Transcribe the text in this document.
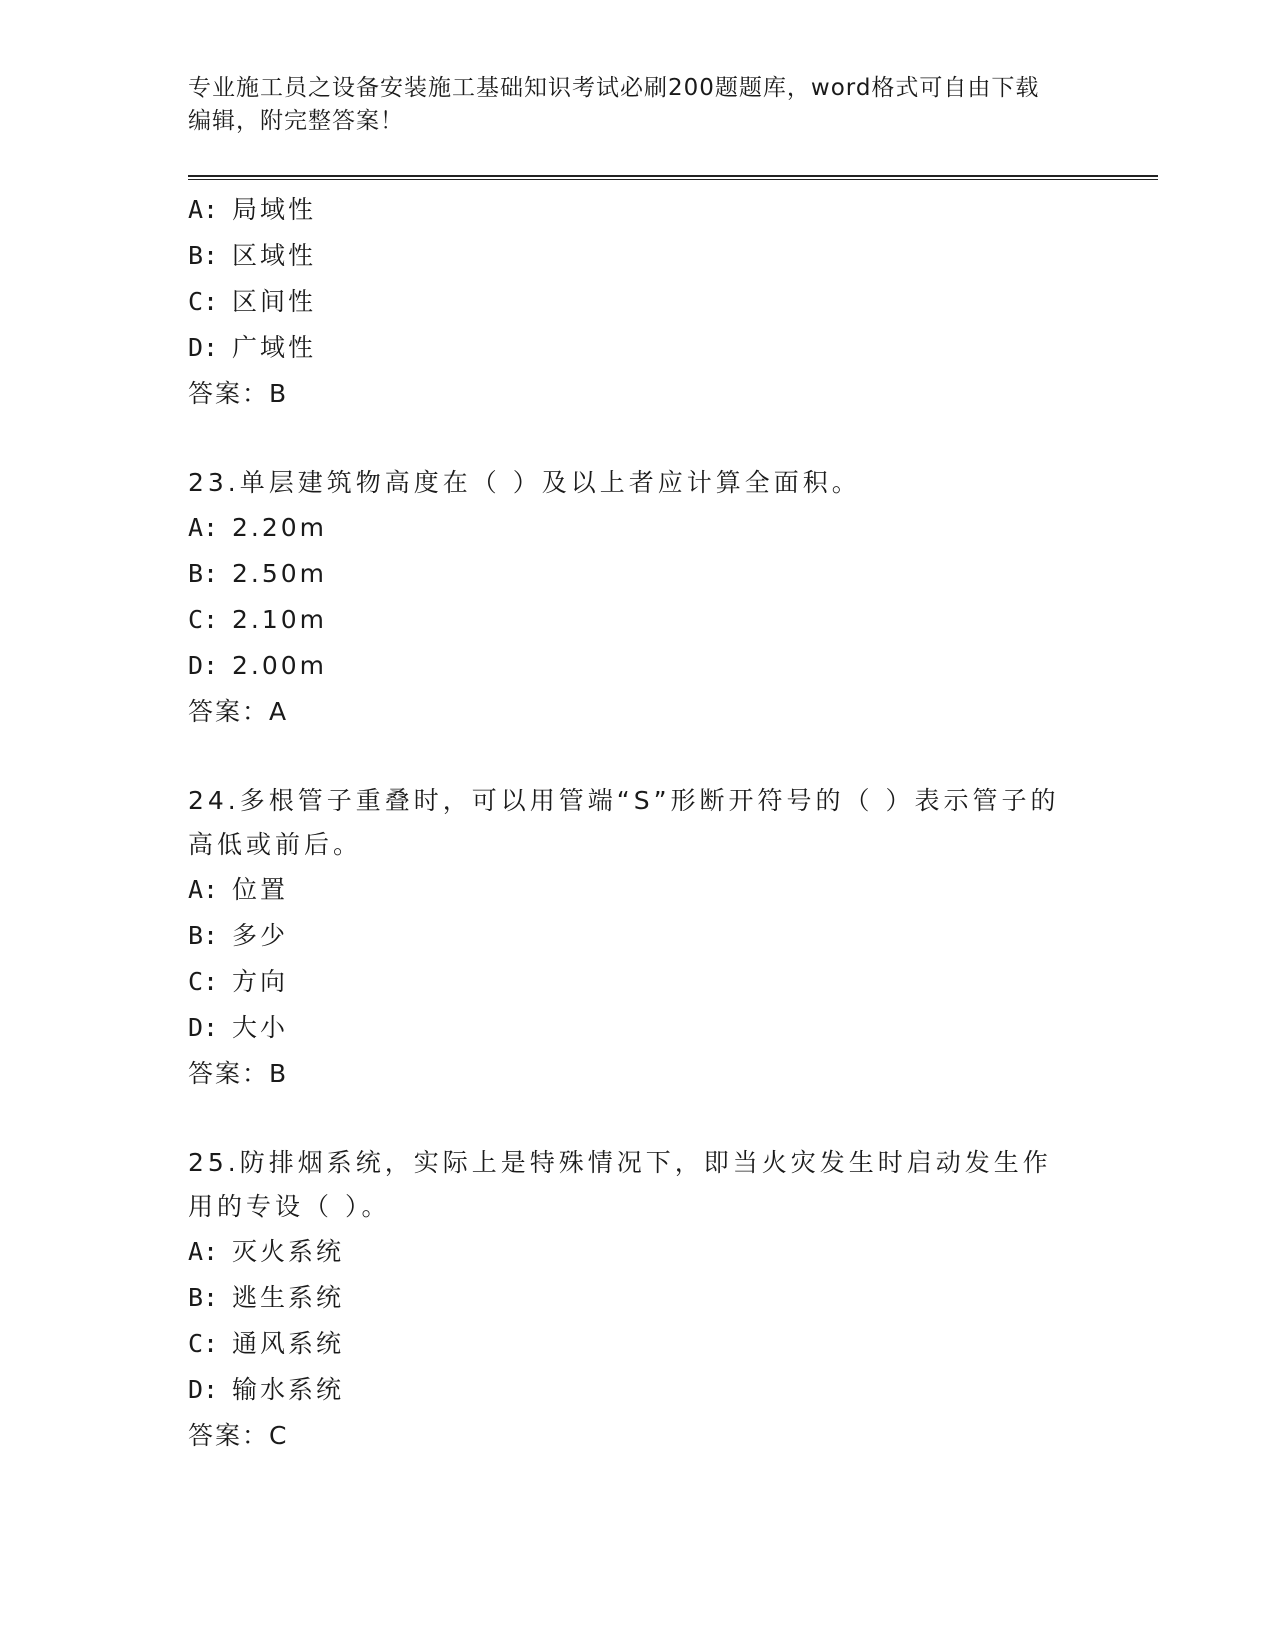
专业施工员之设备安装施工基础知识考试必刷200题题库，word格式可自由下载编辑，附完整答案！

A: 局域性
B: 区域性
C: 区间性
D: 广域性
答案：B

23.单层建筑物高度在（ ）及以上者应计算全面积。

A: 2.20m
B: 2.50m
C: 2.10m
D: 2.00m
答案：A

24.多根管子重叠时，可以用管端“S”形断开符号的（ ）表示管子的高低或前后。

A: 位置
B: 多少
C: 方向
D: 大小
答案：B

25.防排烟系统，实际上是特殊情况下，即当火灾发生时启动发生作用的专设（ ）。

A: 灭火系统
B: 逃生系统
C: 通风系统
D: 输水系统
答案：C
